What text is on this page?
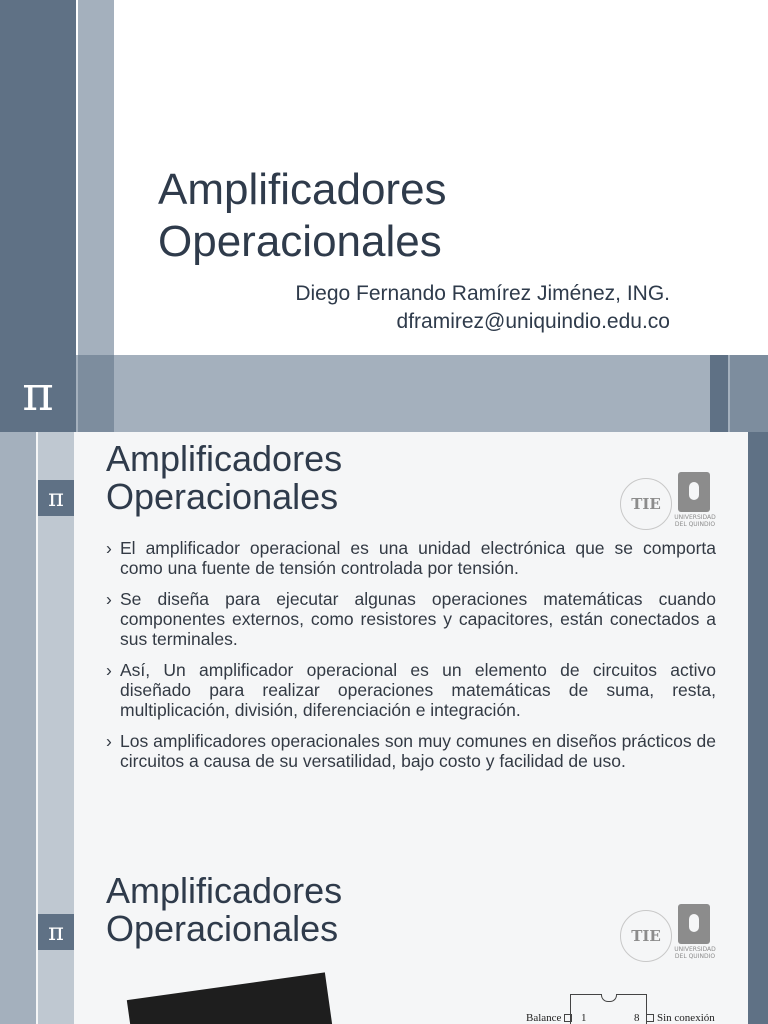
π
Amplificadores
Operacionales
Diego Fernando Ramírez Jiménez, ING.
dframirez@uniquindio.edu.co
π
Amplificadores
Operacionales	TIE
UNIVERSIDAD
DEL QUINDIO
› El amplificador operacional es una unidad electrónica que se comporta como una fuente de tensión controlada por tensión.
› Se diseña para ejecutar algunas operaciones matemáticas cuando componentes externos, como resistores y capacitores, están conectados a sus terminales.
› Así, Un amplificador operacional es un elemento de circuitos activo diseñado para realizar operaciones matemáticas de suma, resta, multiplicación, división, diferenciación e integración.
› Los amplificadores operacionales son muy comunes en diseños prácticos de circuitos a causa de su versatilidad, bajo costo y facilidad de uso.
π
Amplificadores
Operacionales	TIE
UNIVERSIDAD
DEL QUINDIO
Balance 1	8 Sin conexión
